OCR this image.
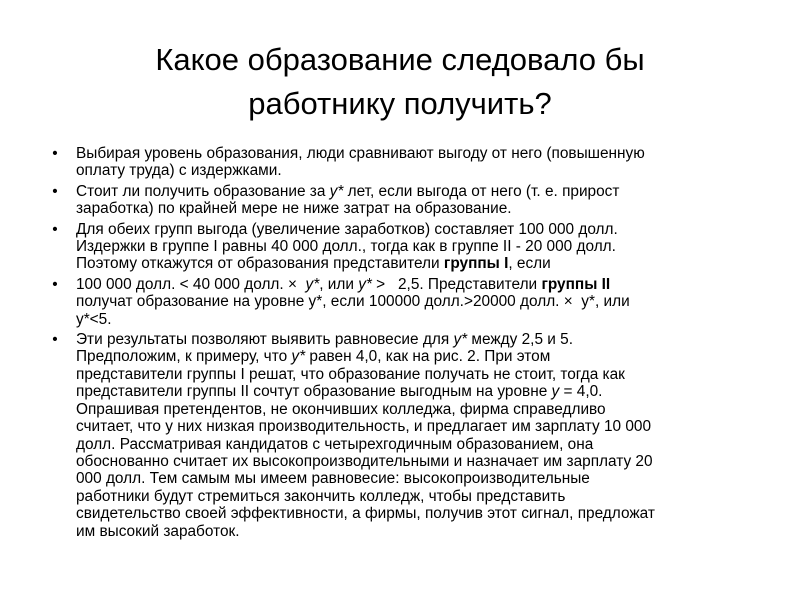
Какое образование следовало бы
работнику получить?
•
Выбирая уровень образования, люди сравнивают выгоду от него (повышенную
оплату труда) с издержками.
•
Стоит ли получить образование за y* лет, если выгода от него (т. е. прирост
заработка) по крайней мере не ниже затрат на образование.
•
Для обеих групп выгода (увеличение заработков) составляет 100 000 долл.
Издержки в группе I равны 40 000 долл., тогда как в группе II - 20 000 долл.
Поэтому откажутся от образования представители группы I, если
•
100 000 долл. < 40 000 долл. ×  у*, или у* >   2,5. Представители группы II
получат образование на уровне у*, если 100000 долл.>20000 долл. ×  у*, или
у*<5.
•
Эти результаты позволяют выявить равновесие для y* между 2,5 и 5.
Предположим, к примеру, что y* равен 4,0, как на рис. 2. При этом
представители группы I решат, что образование получать не стоит, тогда как
представители группы II сочтут образование выгодным на уровне y = 4,0.
Опрашивая претендентов, не окончивших колледжа, фирма справедливо
считает, что у них низкая производительность, и предлагает им зарплату 10 000
долл. Рассматривая кандидатов с четырехгодичным образованием, она
обоснованно считает их высокопроизводительными и назначает им зарплату 20
000 долл. Тем самым мы имеем равновесие: высокопроизводительные
работники будут стремиться закончить колледж, чтобы представить
свидетельство своей эффективности, а фирмы, получив этот сигнал, предложат
им высокий заработок.
